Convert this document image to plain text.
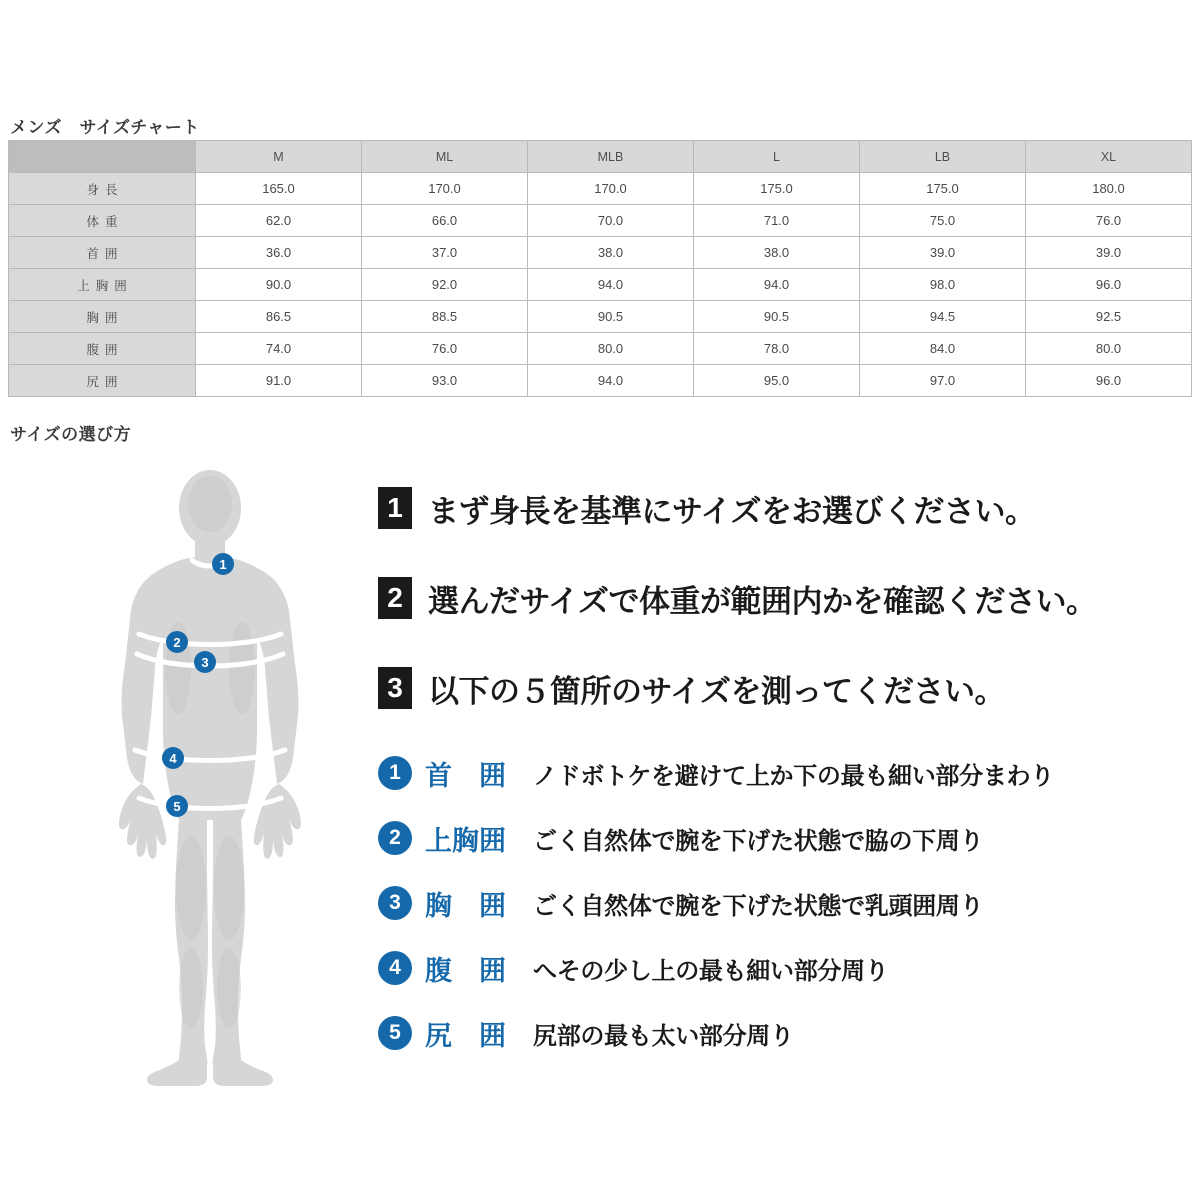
メンズ　サイズチャート
	M	ML	MLB	L	LB	XL
身長	165.0	170.0	170.0	175.0	175.0	180.0
体重	62.0	66.0	70.0	71.0	75.0	76.0
首囲	36.0	37.0	38.0	38.0	39.0	39.0
上胸囲	90.0	92.0	94.0	94.0	98.0	96.0
胸囲	86.5	88.5	90.5	90.5	94.5	92.5
腹囲	74.0	76.0	80.0	78.0	84.0	80.0
尻囲	91.0	93.0	94.0	95.0	97.0	96.0
サイズの選び方
1
2
3
4
5
1 まず身長を基準にサイズをお選びください。
2 選んだサイズで体重が範囲内かを確認ください。
3 以下の５箇所のサイズを測ってください。
1 首　囲	ノドボトケを避けて上か下の最も細い部分まわり
2 上胸囲	ごく自然体で腕を下げた状態で脇の下周り
3 胸　囲	ごく自然体で腕を下げた状態で乳頭囲周り
4 腹　囲	へその少し上の最も細い部分周り
5 尻　囲	尻部の最も太い部分周り
